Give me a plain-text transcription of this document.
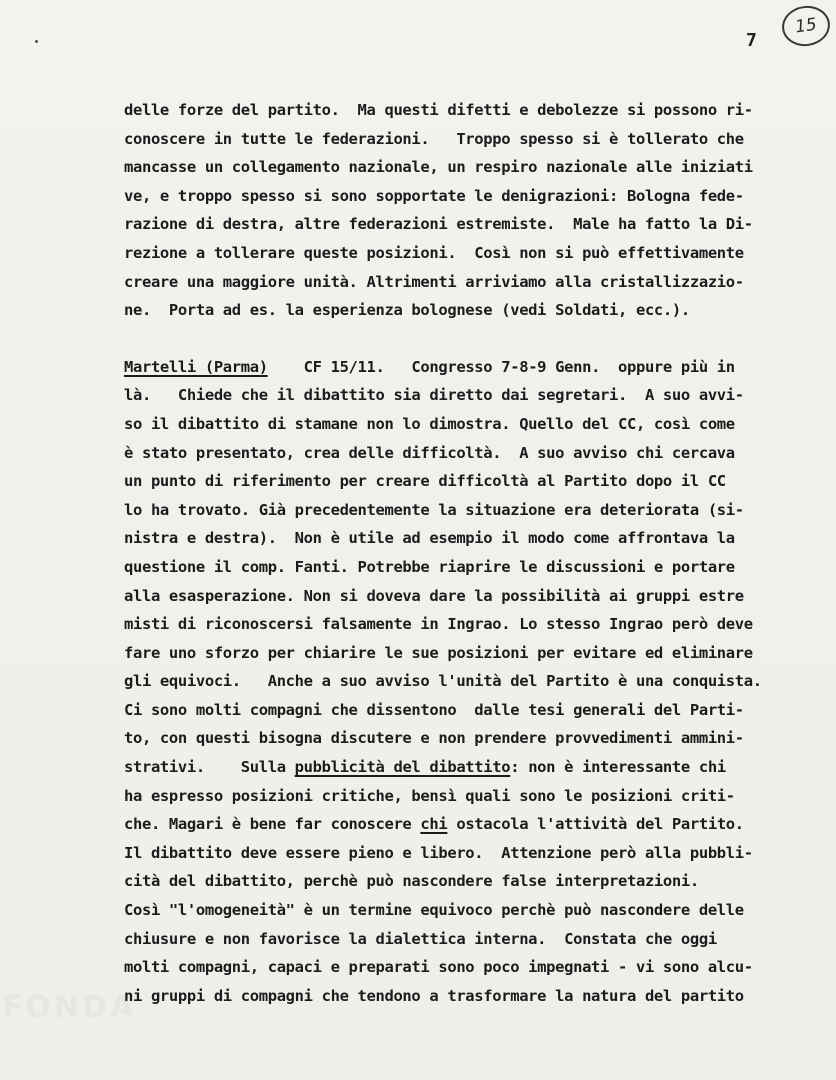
7
15
delle forze del partito.  Ma questi difetti e debolezze si possono ri-
conoscere in tutte le federazioni.   Troppo spesso si è tollerato che
mancasse un collegamento nazionale, un respiro nazionale alle iniziati
ve, e troppo spesso si sono sopportate le denigrazioni: Bologna fede-
razione di destra, altre federazioni estremiste.  Male ha fatto la Di-
rezione a tollerare queste posizioni.  Così non si può effettivamente
creare una maggiore unità. Altrimenti arriviamo alla cristallizzazio-
ne.  Porta ad es. la esperienza bolognese (vedi Soldati, ecc.).
Martelli (Parma)    CF 15/11.   Congresso 7-8-9 Genn.  oppure più in
là.   Chiede che il dibattito sia diretto dai segretari.  A suo avvi-
so il dibattito di stamane non lo dimostra. Quello del CC, così come
è stato presentato, crea delle difficoltà.  A suo avviso chi cercava
un punto di riferimento per creare difficoltà al Partito dopo il CC
lo ha trovato. Già precedentemente la situazione era deteriorata (si-
nistra e destra).  Non è utile ad esempio il modo come affrontava la
questione il comp. Fanti. Potrebbe riaprire le discussioni e portare
alla esasperazione. Non si doveva dare la possibilità ai gruppi estre
misti di riconoscersi falsamente in Ingrao. Lo stesso Ingrao però deve
fare uno sforzo per chiarire le sue posizioni per evitare ed eliminare
gli equivoci.   Anche a suo avviso l'unità del Partito è una conquista.
Ci sono molti compagni che dissentono  dalle tesi generali del Parti-
to, con questi bisogna discutere e non prendere provvedimenti ammini-
strativi.    Sulla pubblicità del dibattito: non è interessante chi
ha espresso posizioni critiche, bensì quali sono le posizioni criti-
che. Magari è bene far conoscere chi ostacola l'attività del Partito.
Il dibattito deve essere pieno e libero.  Attenzione però alla pubbli-
cità del dibattito, perchè può nascondere false interpretazioni.
Così "l'omogeneità" è un termine equivoco perchè può nascondere delle
chiusure e non favorisce la dialettica interna.  Constata che oggi
molti compagni, capaci e preparati sono poco impegnati - vi sono alcu-
ni gruppi di compagni che tendono a trasformare la natura del partito
FONDA
